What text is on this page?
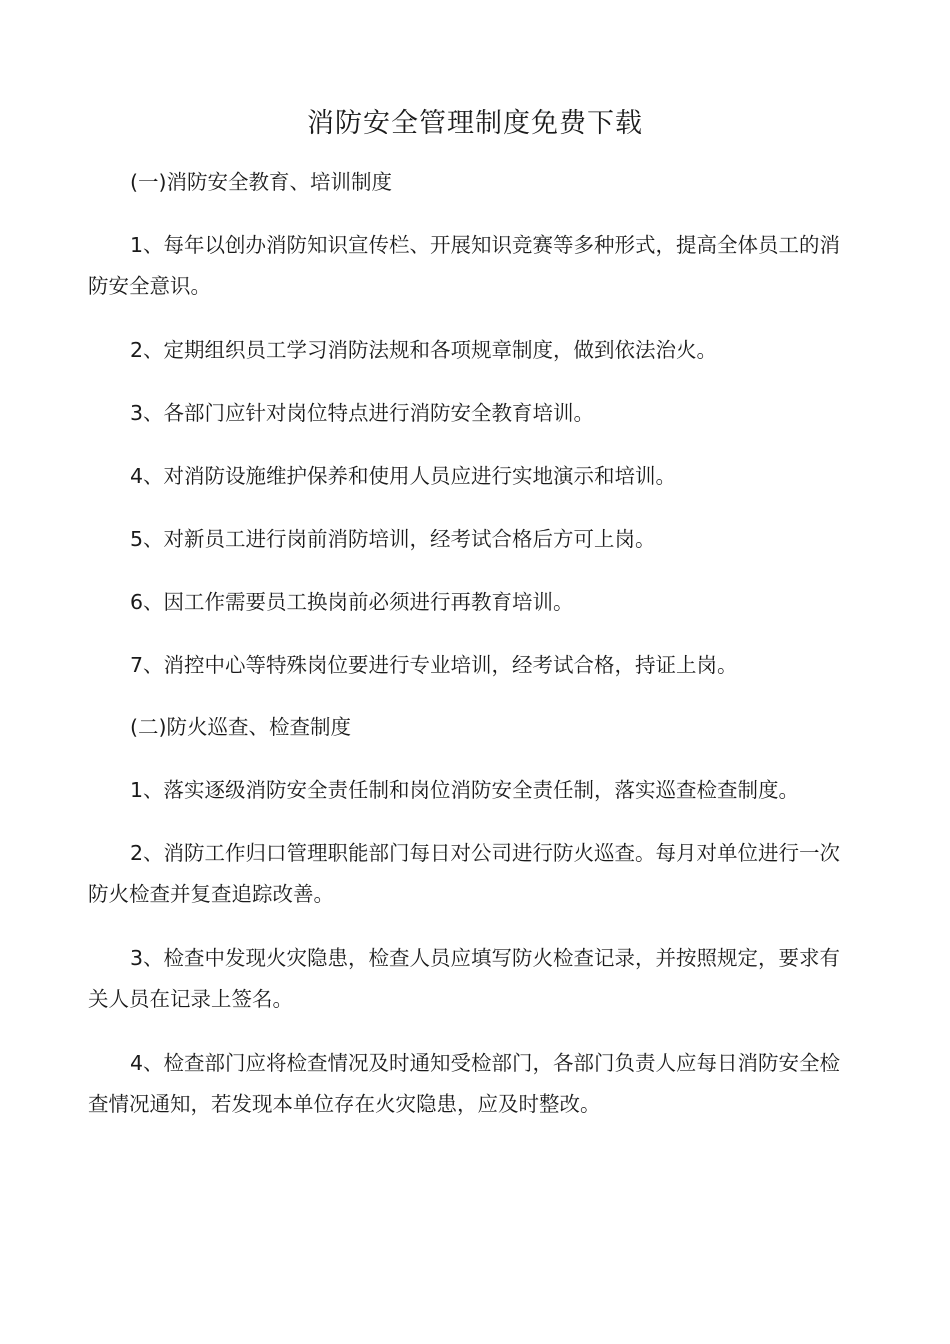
消防安全管理制度免费下载
(一)消防安全教育、培训制度
1、每年以创办消防知识宣传栏、开展知识竞赛等多种形式，提高全体员工的消防安全意识。
2、定期组织员工学习消防法规和各项规章制度，做到依法治火。
3、各部门应针对岗位特点进行消防安全教育培训。
4、对消防设施维护保养和使用人员应进行实地演示和培训。
5、对新员工进行岗前消防培训，经考试合格后方可上岗。
6、因工作需要员工换岗前必须进行再教育培训。
7、消控中心等特殊岗位要进行专业培训，经考试合格，持证上岗。
(二)防火巡查、检查制度
1、落实逐级消防安全责任制和岗位消防安全责任制，落实巡查检查制度。
2、消防工作归口管理职能部门每日对公司进行防火巡查。每月对单位进行一次防火检查并复查追踪改善。
3、检查中发现火灾隐患，检查人员应填写防火检查记录，并按照规定，要求有关人员在记录上签名。
4、检查部门应将检查情况及时通知受检部门，各部门负责人应每日消防安全检查情况通知，若发现本单位存在火灾隐患，应及时整改。
